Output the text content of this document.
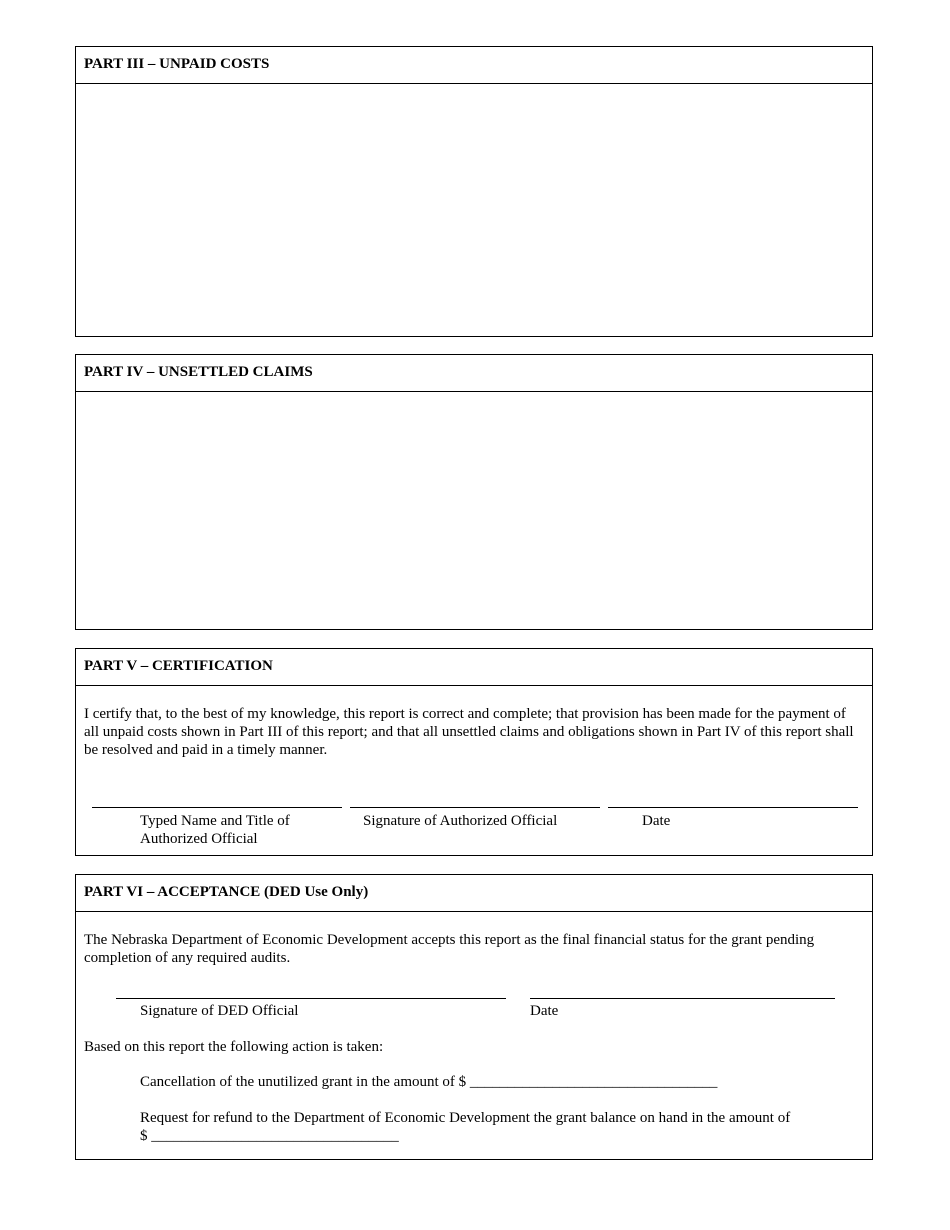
PART III – UNPAID COSTS
PART IV – UNSETTLED CLAIMS
PART V – CERTIFICATION
I certify that, to the best of my knowledge, this report is correct and complete; that provision has been made for the payment of all unpaid costs shown in Part III of this report; and that all unsettled claims and obligations shown in Part IV of this report shall be resolved and paid in a timely manner.
Typed Name and Title of
Authorized Official
Signature of Authorized Official	Date
PART VI – ACCEPTANCE (DED Use Only)
The Nebraska Department of Economic Development accepts this report as the final financial status for the grant pending completion of any required audits.
Signature of DED Official	Date
Based on this report the following action is taken:
Cancellation of the unutilized grant in the amount of $ _________________________________
Request for refund to the Department of Economic Development the grant balance on hand in the amount of
$ _________________________________
